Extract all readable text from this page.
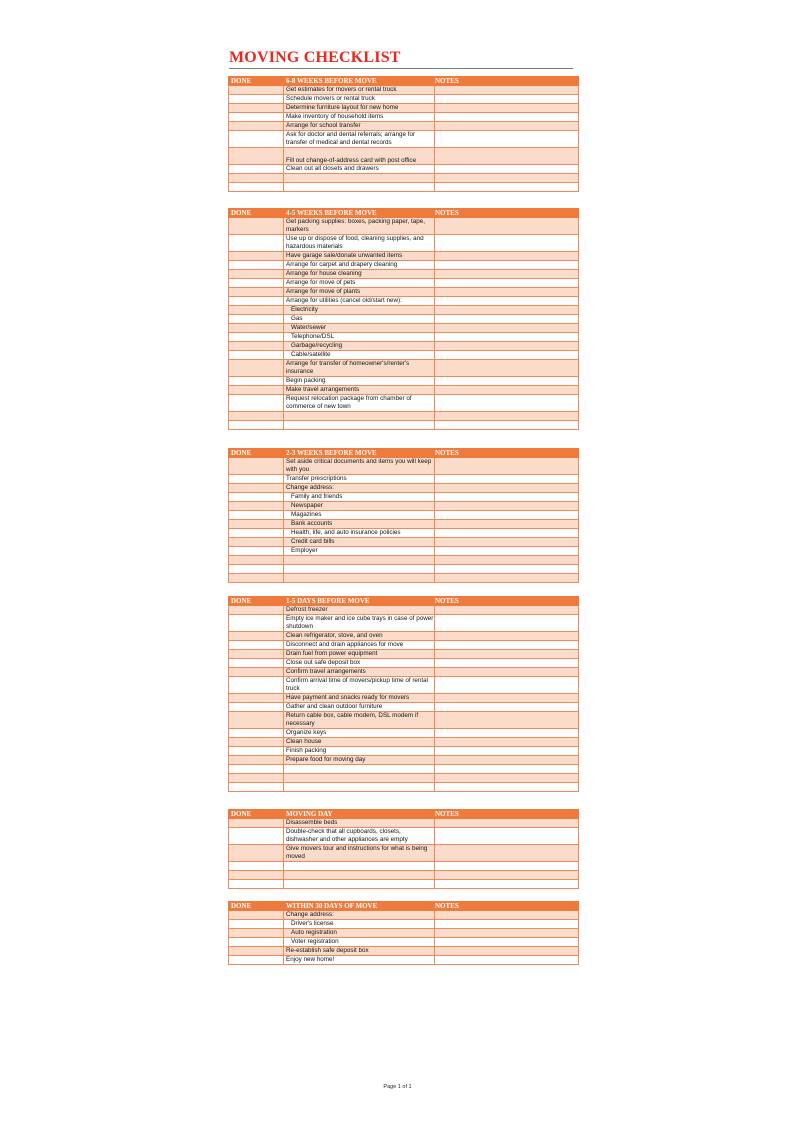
MOVING CHECKLIST
DONE	6-8 WEEKS BEFORE MOVE	NOTES
	Get estimates for movers or rental truck	
	Schedule movers or rental truck	
	Determine furniture layout for new home	
	Make inventory of household items	
	Arrange for school transfer	
	Ask for doctor and dental referrals; arrange for transfer of medical and dental records	
	Fill out change-of-address card with post office	
	Clean out all closets and drawers	

DONE	4-5 WEEKS BEFORE MOVE	NOTES
	Get packing supplies: boxes, packing paper, tape, markers	
	Use up or dispose of food, cleaning supplies, and hazardous materials	
	Have garage sale/donate unwanted items	
	Arrange for carpet and drapery cleaning	
	Arrange for house cleaning	
	Arrange for move of pets	
	Arrange for move of plants	
	Arrange for utilities (cancel old/start new):	
	Electricity	
	Gas	
	Water/sewer	
	Telephone/DSL	
	Garbage/recycling	
	Cable/satellite	
	Arrange for transfer of homeowner's/renter's insurance	
	Begin packing	
	Make travel arrangements	
	Request relocation package from chamber of commerce of new town	

DONE	2-3 WEEKS BEFORE MOVE	NOTES
	Set aside critical documents and items you will keep with you	
	Transfer prescriptions	
	Change address:	
	Family and friends	
	Newspaper	
	Magazines	
	Bank accounts	
	Health, life, and auto insurance policies	
	Credit card bills	
	Employer	

DONE	1-5 DAYS BEFORE MOVE	NOTES
	Defrost freezer	
	Empty ice maker and ice cube trays in case of power shutdown	
	Clean refrigerator, stove, and oven	
	Disconnect and drain appliances for move	
	Drain fuel from power equipment	
	Close out safe deposit box	
	Confirm travel arrangements	
	Confirm arrival time of movers/pickup time of rental truck	
	Have payment and snacks ready for movers	
	Gather and clean outdoor furniture	
	Return cable box, cable modem, DSL modem if necessary	
	Organize keys	
	Clean house	
	Finish packing	
	Prepare food for moving day	

DONE	MOVING DAY	NOTES
	Disassemble beds	
	Double-check that all cupboards, closets, dishwasher and other appliances are empty	
	Give movers tour and instructions for what is being moved	

DONE	WITHIN 30 DAYS OF MOVE	NOTES
	Change address:	
	Driver's license	
	Auto registration	
	Voter registration	
	Re-establish safe deposit box	
	Enjoy new home!	
Page 1 of 1
